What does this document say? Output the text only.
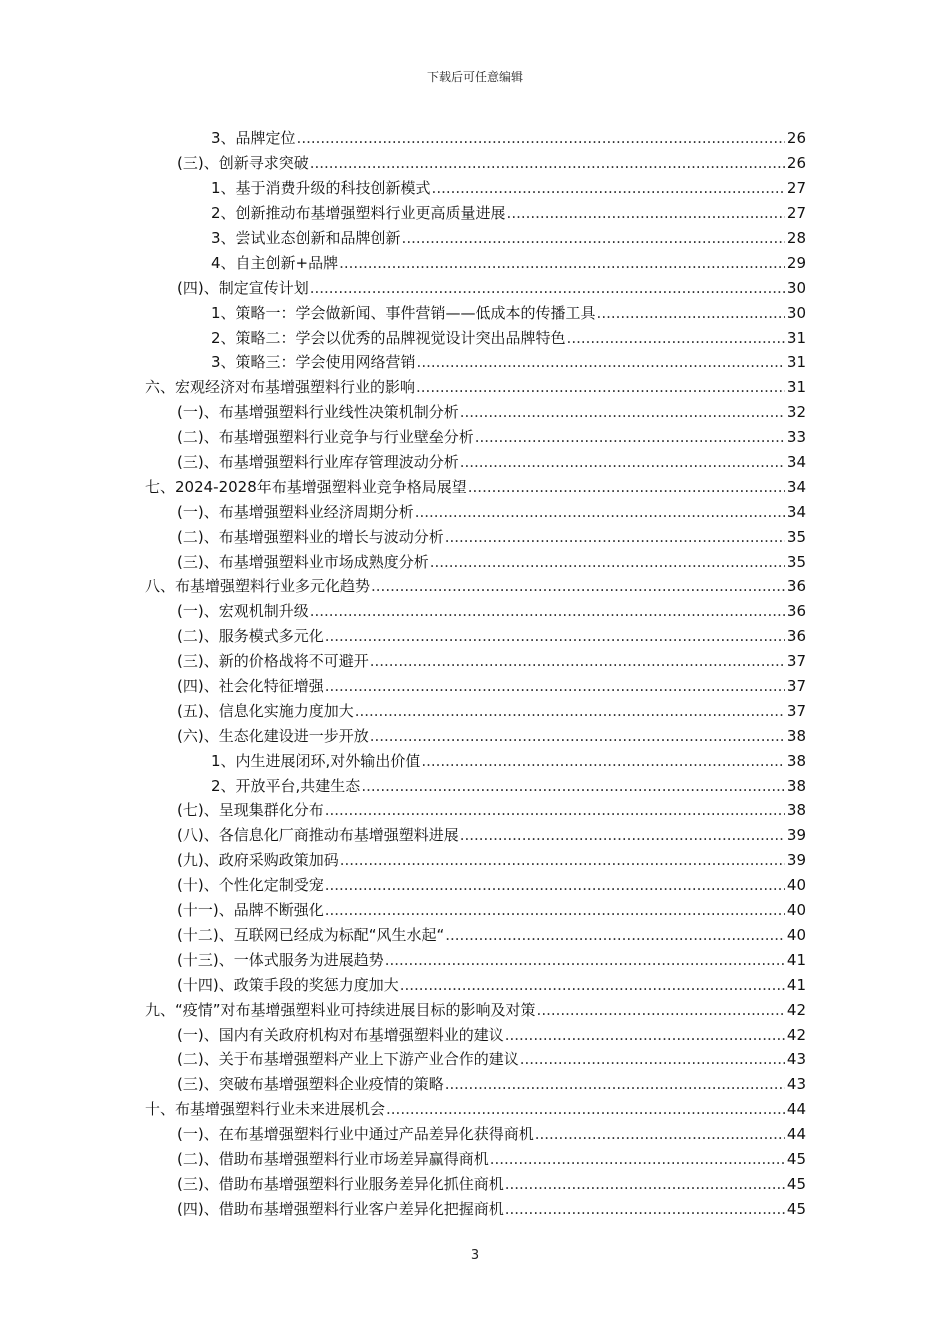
下载后可任意编辑
3、品牌定位 .....	26
(三)、创新寻求突破 .....	26
1、基于消费升级的科技创新模式 .....	27
2、创新推动布基增强塑料行业更高质量进展 .....	27
3、尝试业态创新和品牌创新 .....	28
4、自主创新+品牌 .....	29
(四)、制定宣传计划 .....	30
1、策略一：学会做新闻、事件营销——低成本的传播工具 .....	30
2、策略二：学会以优秀的品牌视觉设计突出品牌特色 .....	31
3、策略三：学会使用网络营销 .....	31
六、宏观经济对布基增强塑料行业的影响 .....	31
(一)、布基增强塑料行业线性决策机制分析 .....	32
(二)、布基增强塑料行业竞争与行业壁垒分析 .....	33
(三)、布基增强塑料行业库存管理波动分析 .....	34
七、2024-2028年布基增强塑料业竞争格局展望 .....	34
(一)、布基增强塑料业经济周期分析 .....	34
(二)、布基增强塑料业的增长与波动分析 .....	35
(三)、布基增强塑料业市场成熟度分析 .....	35
八、布基增强塑料行业多元化趋势 .....	36
(一)、宏观机制升级 .....	36
(二)、服务模式多元化 .....	36
(三)、新的价格战将不可避开 .....	37
(四)、社会化特征增强 .....	37
(五)、信息化实施力度加大 .....	37
(六)、生态化建设进一步开放 .....	38
1、内生进展闭环,对外输出价值 .....	38
2、开放平台,共建生态 .....	38
(七)、呈现集群化分布 .....	38
(八)、各信息化厂商推动布基增强塑料进展 .....	39
(九)、政府采购政策加码 .....	39
(十)、个性化定制受宠 .....	40
(十一)、品牌不断强化 .....	40
(十二)、互联网已经成为标配“风生水起“ .....	40
(十三)、一体式服务为进展趋势 .....	41
(十四)、政策手段的奖惩力度加大 .....	41
九、“疫情”对布基增强塑料业可持续进展目标的影响及对策 .....	42
(一)、国内有关政府机构对布基增强塑料业的建议 .....	42
(二)、关于布基增强塑料产业上下游产业合作的建议 .....	43
(三)、突破布基增强塑料企业疫情的策略 .....	43
十、布基增强塑料行业未来进展机会 .....	44
(一)、在布基增强塑料行业中通过产品差异化获得商机 .....	44
(二)、借助布基增强塑料行业市场差异赢得商机 .....	45
(三)、借助布基增强塑料行业服务差异化抓住商机 .....	45
(四)、借助布基增强塑料行业客户差异化把握商机 .....	45
3
